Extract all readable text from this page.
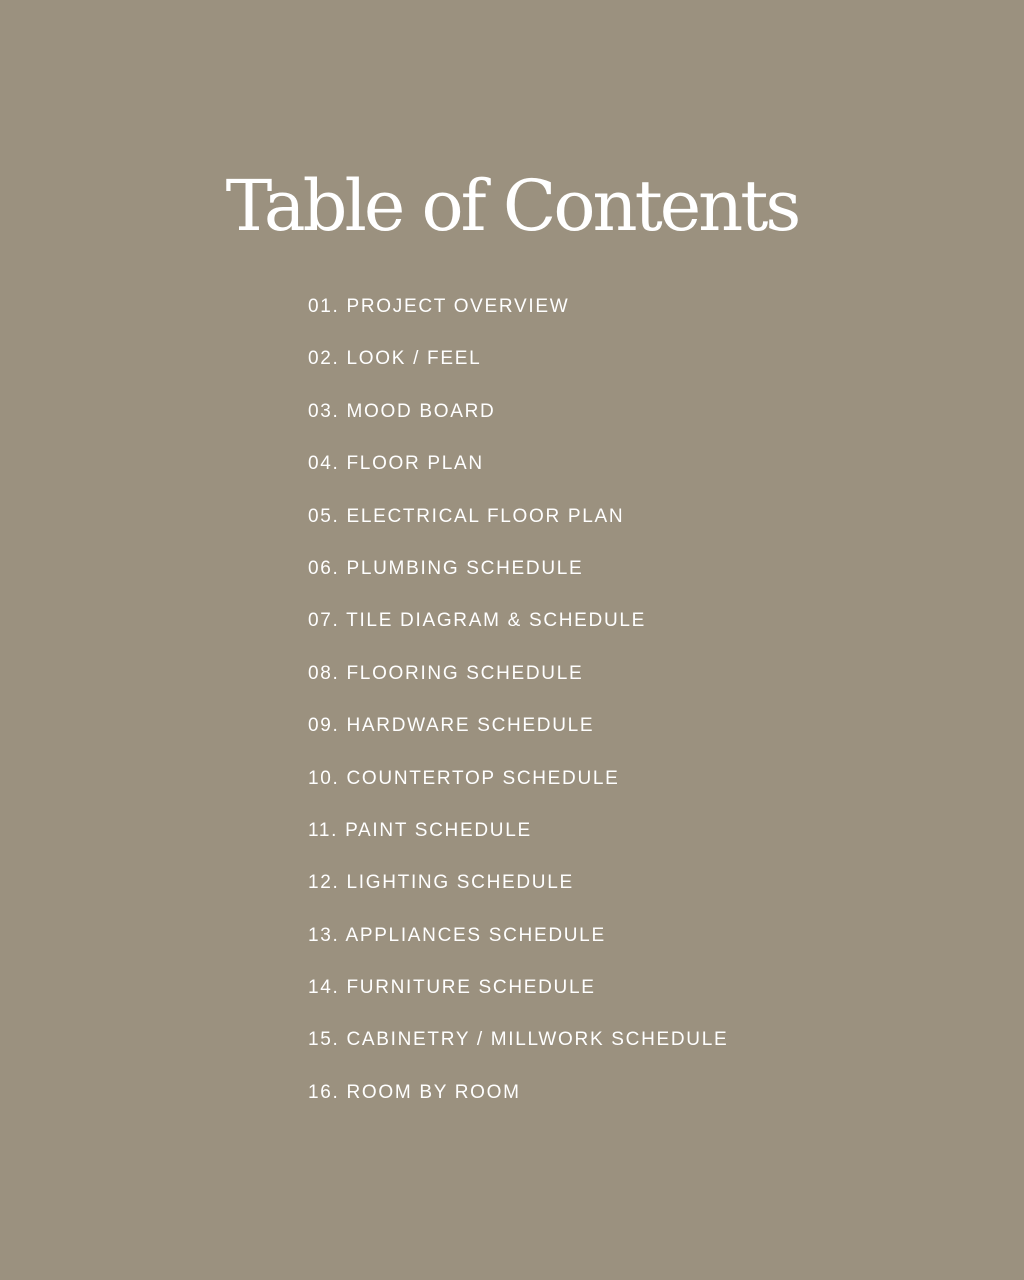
Table of Contents
01. PROJECT OVERVIEW
02. LOOK / FEEL
03. MOOD BOARD
04. FLOOR PLAN
05. ELECTRICAL FLOOR PLAN
06. PLUMBING SCHEDULE
07. TILE DIAGRAM & SCHEDULE
08. FLOORING SCHEDULE
09. HARDWARE SCHEDULE
10. COUNTERTOP SCHEDULE
11. PAINT SCHEDULE
12. LIGHTING SCHEDULE
13. APPLIANCES SCHEDULE
14. FURNITURE SCHEDULE
15. CABINETRY / MILLWORK SCHEDULE
16. ROOM BY ROOM
